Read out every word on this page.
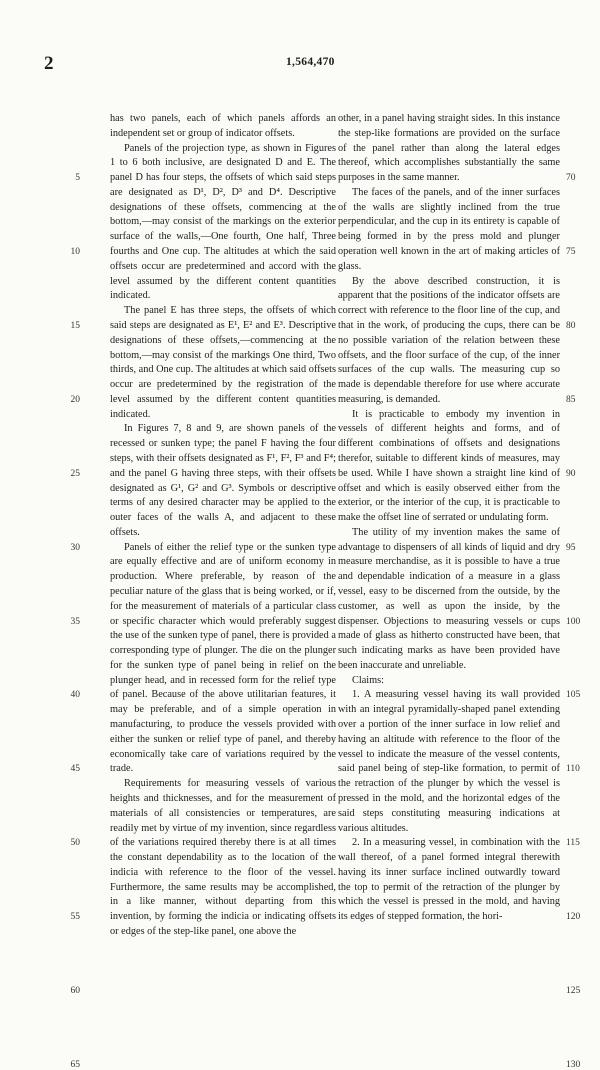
2	1,564,470

has two panels, each of which panels affords an independent set or group of indicator offsets.

Panels of the projection type, as shown in Figures 1 to 6 both inclusive, are designated D and E. The panel D has four steps, the offsets of which said steps are designated as D¹, D², D³ and D⁴. Descriptive designations of these offsets, commencing at the bottom,—may consist of the markings on the exterior surface of the walls,—One fourth, One half, Three fourths and One cup. The altitudes at which the said offsets occur are predetermined and accord with the level assumed by the different content quantities indicated.

The panel E has three steps, the offsets of which said steps are designated as E¹, E² and E³. Descriptive designations of these offsets,—commencing at the bottom,—may consist of the markings One third, Two thirds, and One cup. The altitudes at which said offsets occur are predetermined by the registration of the level assumed by the different content quantities indicated.

In Figures 7, 8 and 9, are shown panels of the recessed or sunken type; the panel F having the four steps, with their offsets designated as F¹, F², F³ and F⁴; and the panel G having three steps, with their offsets designated as G¹, G² and G³. Symbols or descriptive terms of any desired character may be applied to the outer faces of the walls A, and adjacent to these offsets.

Panels of either the relief type or the sunken type are equally effective and are of uniform economy in production. Where preferable, by reason of the peculiar nature of the glass that is being worked, or if, for the measurement of materials of a particular class or specific character which would preferably suggest the use of the sunken type of panel, there is provided a corresponding type of plunger. The die on the plunger for the sunken type of panel being in relief on the plunger head, and in recessed form for the relief type of panel. Because of the above utilitarian features, it may be preferable, and of a simple operation in manufacturing, to produce the vessels provided with either the sunken or relief type of panel, and thereby economically take care of variations required by the trade.

Requirements for measuring vessels of various heights and thicknesses, and for the measurement of materials of all consistencies or temperatures, are readily met by virtue of my invention, since regardless of the variations required thereby there is at all times the constant dependability as to the location of the indicia with reference to the floor of the vessel. Furthermore, the same results may be accomplished, in a like manner, without departing from this invention, by forming the indicia or indicating offsets or edges of the step-like panel, one above the

other, in a panel having straight sides. In this instance the step-like formations are provided on the surface of the panel rather than along the lateral edges thereof, which accomplishes substantially the same purposes in the same manner.

The faces of the panels, and of the inner surfaces of the walls are slightly inclined from the true perpendicular, and the cup in its entirety is capable of being formed in by the press mold and plunger operation well known in the art of making articles of glass.

By the above described construction, it is apparent that the positions of the indicator offsets are correct with reference to the floor line of the cup, and that in the work, of producing the cups, there can be no possible variation of the relation between these offsets, and the floor surface of the cup, of the inner surfaces of the cup walls. The measuring cup so made is dependable therefore for use where accurate measuring, is demanded.

It is practicable to embody my invention in vessels of different heights and forms, and of different combinations of offsets and designations therefor, suitable to different kinds of measures, may be used. While I have shown a straight line kind of offset and which is easily observed either from the exterior, or the interior of the cup, it is practicable to make the offset line of serrated or undulating form.

The utility of my invention makes the same of advantage to dispensers of all kinds of liquid and dry measure merchandise, as it is possible to have a true and dependable indication of a measure in a glass vessel, easy to be discerned from the outside, by the customer, as well as upon the inside, by the dispenser. Objections to measuring vessels or cups made of glass as hitherto constructed have been, that such indicating marks as have been provided have been inaccurate and unreliable.

Claims:

1. A measuring vessel having its wall provided with an integral pyramidally-shaped panel extending over a portion of the inner surface in low relief and having an altitude with reference to the floor of the vessel to indicate the measure of the vessel contents, said panel being of step-like formation, to permit of the retraction of the plunger by which the vessel is pressed in the mold, and the horizontal edges of the said steps constituting measuring indications at various altitudes.

2. In a measuring vessel, in combination with the wall thereof, of a panel formed integral therewith having its inner surface inclined outwardly toward the top to permit of the retraction of the plunger by which the vessel is pressed in the mold, and having its edges of stepped formation, the hori-

5
10
15
20
25
30
35
40
45
50
55
60
65
70
75
80
85
90
95
100
105
110
115
120
125
130
